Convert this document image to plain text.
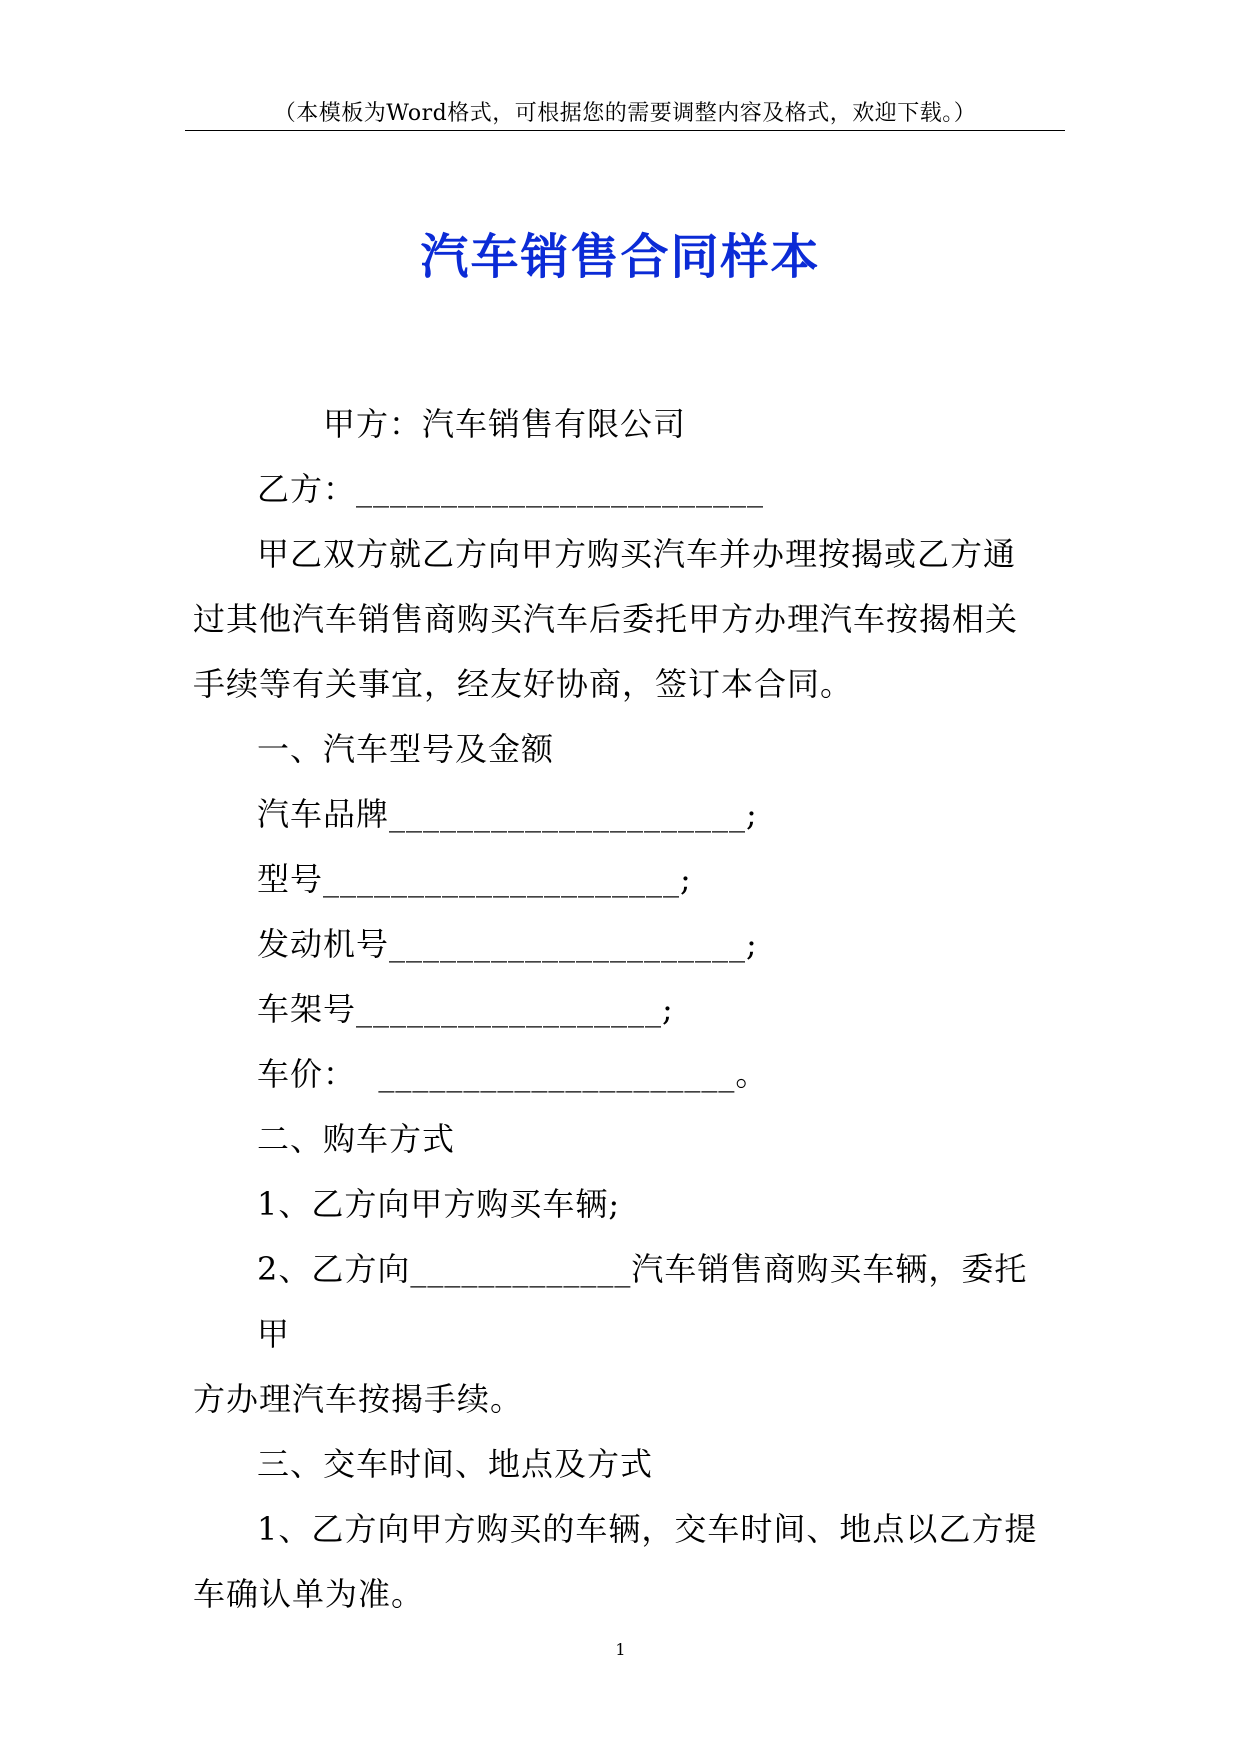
（本模板为Word格式，可根据您的需要调整内容及格式，欢迎下载。）
汽车销售合同样本

甲方：汽车销售有限公司

乙方：________________________

甲乙双方就乙方向甲方购买汽车并办理按揭或乙方通

过其他汽车销售商购买汽车后委托甲方办理汽车按揭相关

手续等有关事宜，经友好协商，签订本合同。

一、汽车型号及金额

汽车品牌_____________________;

型号_____________________;

发动机号_____________________;

车架号__________________;

车价：  _____________________。

二、购车方式

1、乙方向甲方购买车辆;

2、乙方向_____________汽车销售商购买车辆，委托甲

方办理汽车按揭手续。

三、交车时间、地点及方式

1、乙方向甲方购买的车辆，交车时间、地点以乙方提

车确认单为准。

1
